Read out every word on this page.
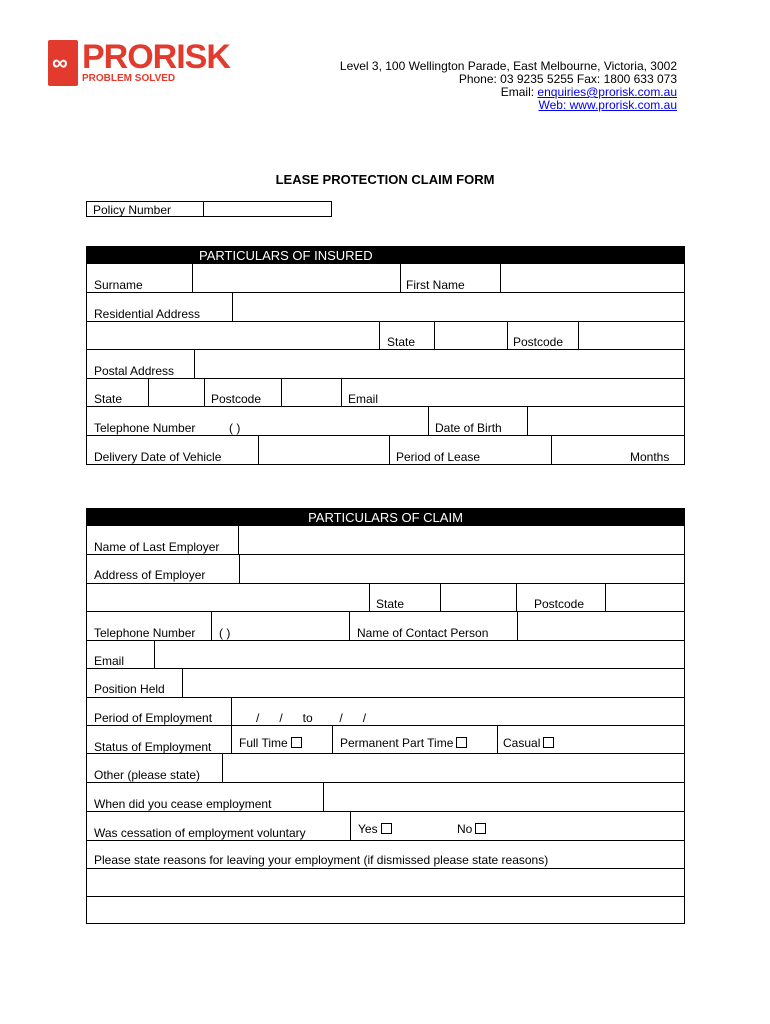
∞ PRORISK
PROBLEM SOLVED
Level 3, 100 Wellington Parade, East Melbourne, Victoria, 3002
Phone: 03 9235 5255 Fax: 1800 633 073
Email: enquiries@prorisk.com.au
Web: www.prorisk.com.au
LEASE PROTECTION CLAIM FORM
Policy Number
PARTICULARS OF INSURED
Surname	First Name
Residential Address
State	Postcode
Postal Address
State	Postcode	Email
Telephone Number	( )	Date of Birth
Delivery Date of Vehicle	Period of Lease	Months
PARTICULARS OF CLAIM
Name of Last Employer
Address of Employer
State	Postcode
Telephone Number ( )	Name of Contact Person
Email
Position Held
Period of Employment	/      /      to        /      /
Status of Employment Full Time	Permanent Part Time	Casual
Other (please state)
When did you cease employment
Was cessation of employment voluntary	Yes	No
Please state reasons for leaving your employment (if dismissed please state reasons)
